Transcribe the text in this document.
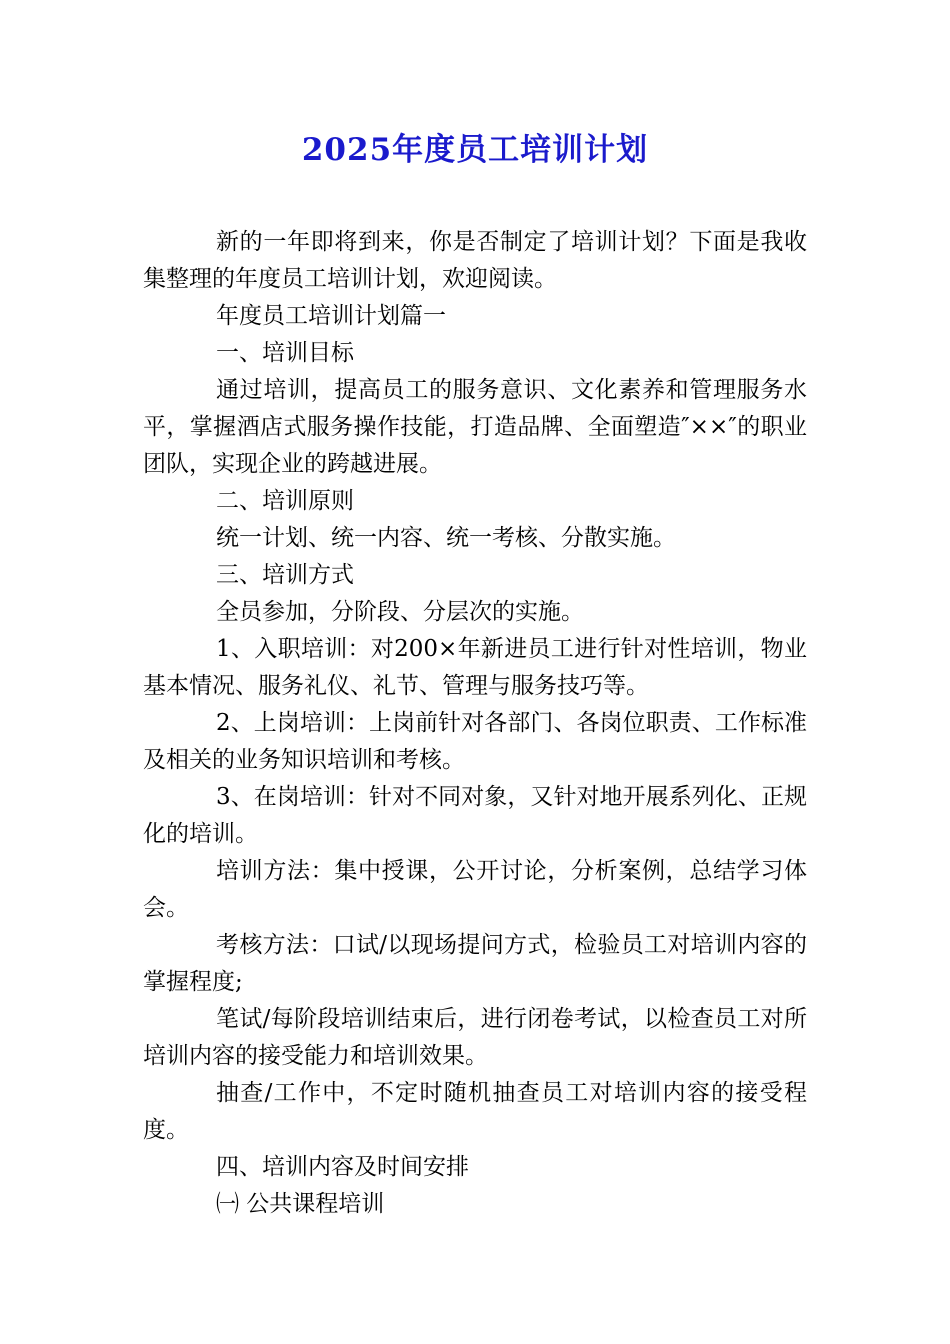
2025年度员工培训计划

新的一年即将到来，你是否制定了培训计划？下面是我收集整理的年度员工培训计划，欢迎阅读。

年度员工培训计划篇一

一、培训目标

通过培训，提高员工的服务意识、文化素养和管理服务水平，掌握酒店式服务操作技能，打造品牌、全面塑造″××″的职业团队，实现企业的跨越进展。

二、培训原则

统一计划、统一内容、统一考核、分散实施。

三、培训方式

全员参加，分阶段、分层次的实施。

1、入职培训：对200×年新进员工进行针对性培训，物业基本情况、服务礼仪、礼节、管理与服务技巧等。

2、上岗培训：上岗前针对各部门、各岗位职责、工作标准及相关的业务知识培训和考核。

3、在岗培训：针对不同对象，又针对地开展系列化、正规化的培训。

培训方法：集中授课，公开讨论，分析案例，总结学习体会。

考核方法：口试/以现场提问方式，检验员工对培训内容的掌握程度;

笔试/每阶段培训结束后，进行闭卷考试，以检查员工对所培训内容的接受能力和培训效果。

抽查/工作中，不定时随机抽查员工对培训内容的接受程度。

四、培训内容及时间安排

㈠ 公共课程培训
